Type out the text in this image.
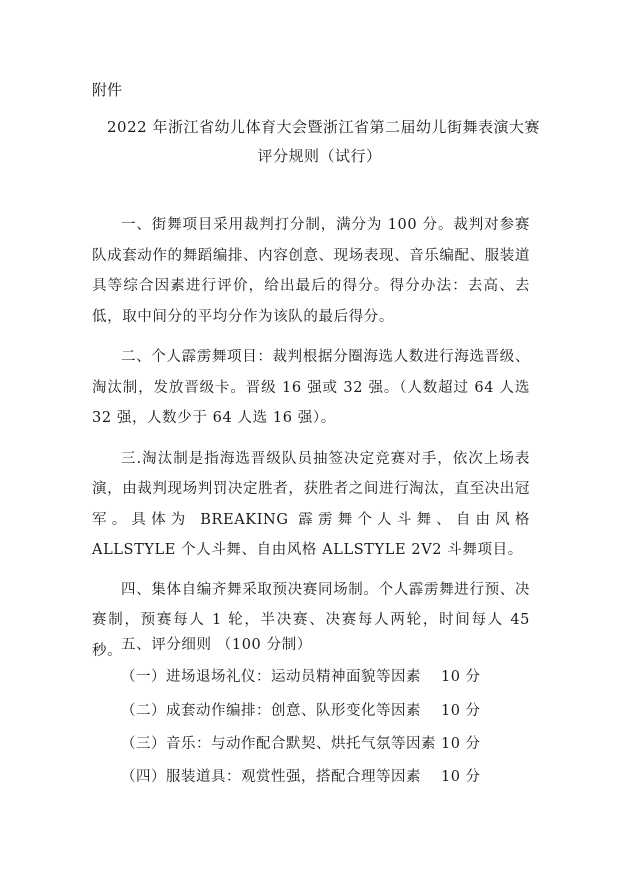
附件
2022 年浙江省幼儿体育大会暨浙江省第二届幼儿街舞表演大赛
评分规则（试行）

一、街舞项目采用裁判打分制，满分为 100 分。裁判对参赛队成套动作的舞蹈编排、内容创意、现场表现、音乐编配、服装道具等综合因素进行评价，给出最后的得分。得分办法：去高、去低，取中间分的平均分作为该队的最后得分。

二、个人霹雳舞项目：裁判根据分圈海选人数进行海选晋级、淘汰制，发放晋级卡。晋级 16 强或 32 强。（人数超过 64 人选 32 强，人数少于 64 人选 16 强）。

三.淘汰制是指海选晋级队员抽签决定竞赛对手，依次上场表演，由裁判现场判罚决定胜者，获胜者之间进行淘汰，直至决出冠军。具体为 BREAKING 霹雳舞个人斗舞、自由风格 ALLSTYLE 个人斗舞、自由风格 ALLSTYLE 2V2 斗舞项目。

四、集体自编齐舞采取预决赛同场制。个人霹雳舞进行预、决赛制，预赛每人 1 轮，半决赛、决赛每人两轮，时间每人 45 秒。

五、评分细则 （100 分制）
（一）进场退场礼仪：运动员精神面貌等因素 10 分
（二）成套动作编排：创意、队形变化等因素 10 分
（三）音乐：与动作配合默契、烘托气氛等因素 10 分
（四）服装道具：观赏性强，搭配合理等因素 10 分
